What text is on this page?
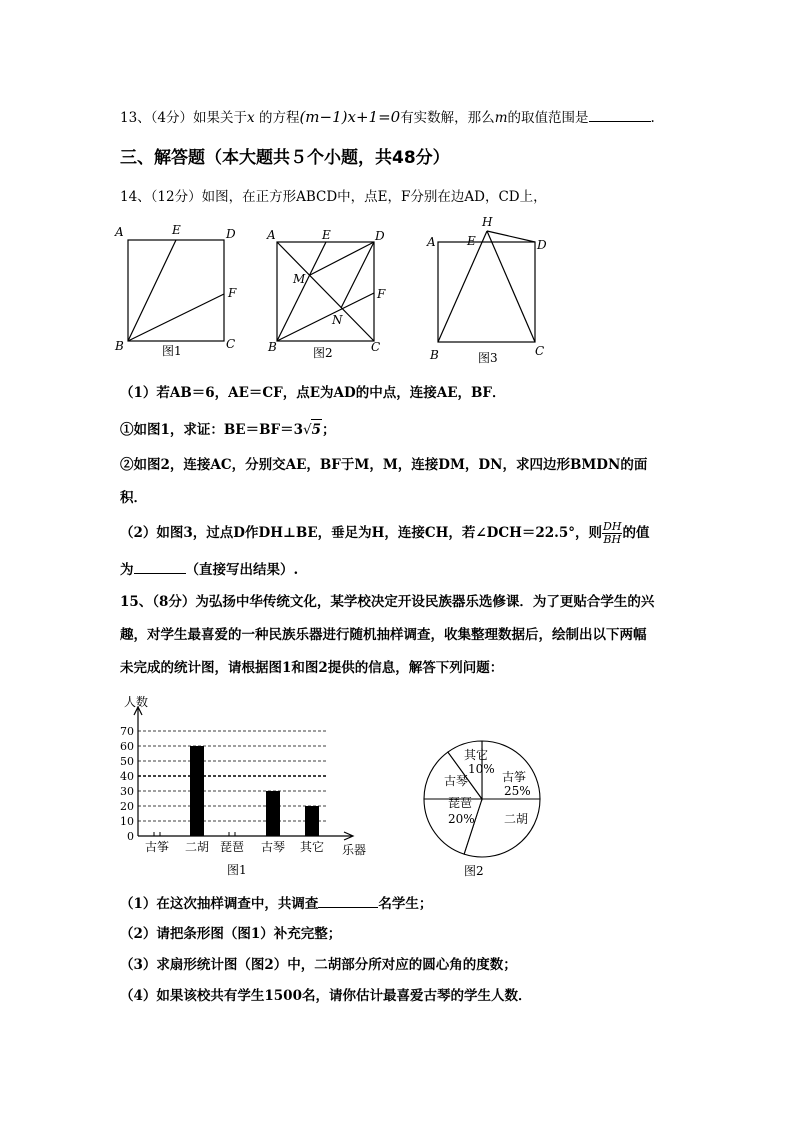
13、（4分）如果关于x 的方程(m−1)x+1=0有实数解，那么m的取值范围是	.
三、解答题（本大题共５个小题，共48分）
14、（12分）如图，在正方形ABCD中，点E，F分别在边AD，CD上，
A	E	D
F
B	C
A	E	D
F
M
N
B	C
A	E
H
D
B	C
图1	图2	图3
（1）若AB＝6，AE＝CF，点E为AD的中点，连接AE，BF．
①如图1，求证：BE＝BF＝3√5；
②如图2，连接AC，分别交AE，BF于M，M，连接DM，DN，求四边形BMDN的面
积．
（2）如图3，过点D作DH⊥BE，垂足为H，连接CH，若∠DCH＝22.5°，则 $\frac{DH}{BH}$ 的值
为	（直接写出结果）.
15、（8分）为弘扬中华传统文化，某学校决定开设民族器乐选修课．为了更贴合学生的兴
趣，对学生最喜爱的一种民族乐器进行随机抽样调查，收集整理数据后，绘制出以下两幅
未完成的统计图，请根据图1和图2提供的信息，解答下列问题：
人数
乐器
图1
0
10
20
30
40
50
60
70
古筝 二胡 琵琶 古琴 其它
古筝
25%
二胡
琵琶
20%
古琴
其它
10%
图2
（1）在这次抽样调查中，共调查	名学生；
（2）请把条形图（图1）补充完整；
（3）求扇形统计图（图2）中，二胡部分所对应的圆心角的度数；
（4）如果该校共有学生1500名，请你估计最喜爱古琴的学生人数．
